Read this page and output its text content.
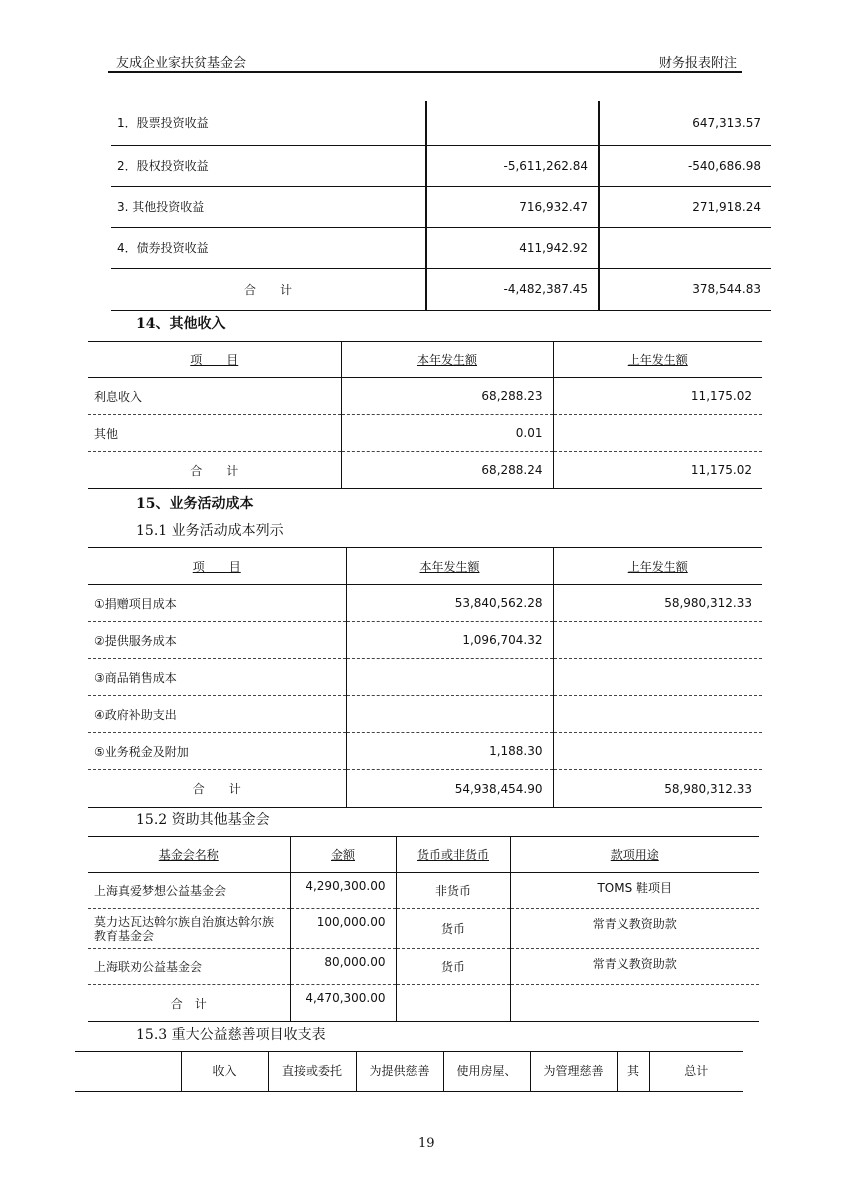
友成企业家扶贫基金会	财务报表附注
1．股票投资收益		647,313.57
2．股权投资收益	-5,611,262.84	-540,686.98
3. 其他投资收益	716,932.47	271,918.24
4．债券投资收益	411,942.92	
合　　计	-4,482,387.45	378,544.83
14、其他收入
项　　目	本年发生额	上年发生额
利息收入	68,288.23	11,175.02
其他	0.01	
合　　计	68,288.24	11,175.02
15、业务活动成本
15.1 业务活动成本列示
项　　目	本年发生额	上年发生额
①捐赠项目成本	53,840,562.28	58,980,312.33
②提供服务成本	1,096,704.32	
③商品销售成本		
④政府补助支出		
⑤业务税金及附加	1,188.30	
合　　计	54,938,454.90	58,980,312.33
15.2 资助其他基金会
基金会名称	金额	货币或非货币	款项用途
上海真爱梦想公益基金会	4,290,300.00	非货币	TOMS 鞋项目
莫力达瓦达斡尔族自治旗达斡尔族教育基金会	100,000.00	货币	常青义教资助款
上海联劝公益基金会	80,000.00	货币	常青义教资助款
合　计	4,470,300.00		
15.3 重大公益慈善项目收支表
	收入	直接或委托	为提供慈善	使用房屋、	为管理慈善	其	总计
19
